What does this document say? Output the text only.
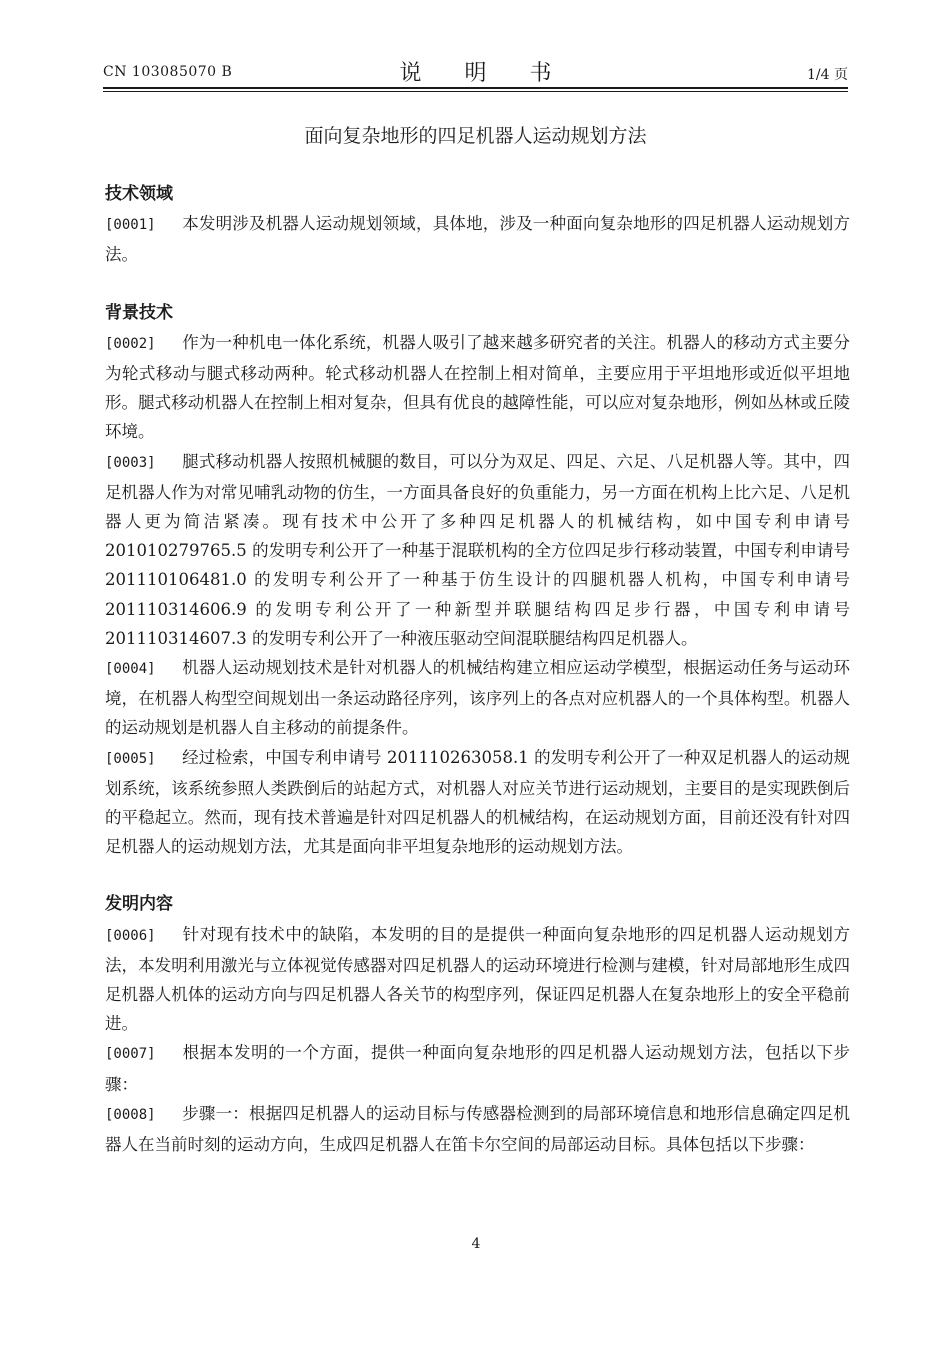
CN 103085070 B	说 明 书	1/4 页
面向复杂地形的四足机器人运动规划方法
技术领域

[0001] 本发明涉及机器人运动规划领域，具体地，涉及一种面向复杂地形的四足机器人运动规划方法。

背景技术

[0002] 作为一种机电一体化系统，机器人吸引了越来越多研究者的关注。机器人的移动方式主要分为轮式移动与腿式移动两种。轮式移动机器人在控制上相对简单，主要应用于平坦地形或近似平坦地形。腿式移动机器人在控制上相对复杂，但具有优良的越障性能，可以应对复杂地形，例如丛林或丘陵环境。

[0003] 腿式移动机器人按照机械腿的数目，可以分为双足、四足、六足、八足机器人等。其中，四足机器人作为对常见哺乳动物的仿生，一方面具备良好的负重能力，另一方面在机构上比六足、八足机器人更为简洁紧凑。现有技术中公开了多种四足机器人的机械结构，如中国专利申请号 201010279765.5 的发明专利公开了一种基于混联机构的全方位四足步行移动装置，中国专利申请号 201110106481.0 的发明专利公开了一种基于仿生设计的四腿机器人机构，中国专利申请号 201110314606.9 的发明专利公开了一种新型并联腿结构四足步行器，中国专利申请号 201110314607.3 的发明专利公开了一种液压驱动空间混联腿结构四足机器人。

[0004] 机器人运动规划技术是针对机器人的机械结构建立相应运动学模型，根据运动任务与运动环境，在机器人构型空间规划出一条运动路径序列，该序列上的各点对应机器人的一个具体构型。机器人的运动规划是机器人自主移动的前提条件。

[0005] 经过检索，中国专利申请号 201110263058.1 的发明专利公开了一种双足机器人的运动规划系统，该系统参照人类跌倒后的站起方式，对机器人对应关节进行运动规划，主要目的是实现跌倒后的平稳起立。然而，现有技术普遍是针对四足机器人的机械结构，在运动规划方面，目前还没有针对四足机器人的运动规划方法，尤其是面向非平坦复杂地形的运动规划方法。

发明内容

[0006] 针对现有技术中的缺陷，本发明的目的是提供一种面向复杂地形的四足机器人运动规划方法，本发明利用激光与立体视觉传感器对四足机器人的运动环境进行检测与建模，针对局部地形生成四足机器人机体的运动方向与四足机器人各关节的构型序列，保证四足机器人在复杂地形上的安全平稳前进。

[0007] 根据本发明的一个方面，提供一种面向复杂地形的四足机器人运动规划方法，包括以下步骤：

[0008] 步骤一：根据四足机器人的运动目标与传感器检测到的局部环境信息和地形信息确定四足机器人在当前时刻的运动方向，生成四足机器人在笛卡尔空间的局部运动目标。具体包括以下步骤：

4
